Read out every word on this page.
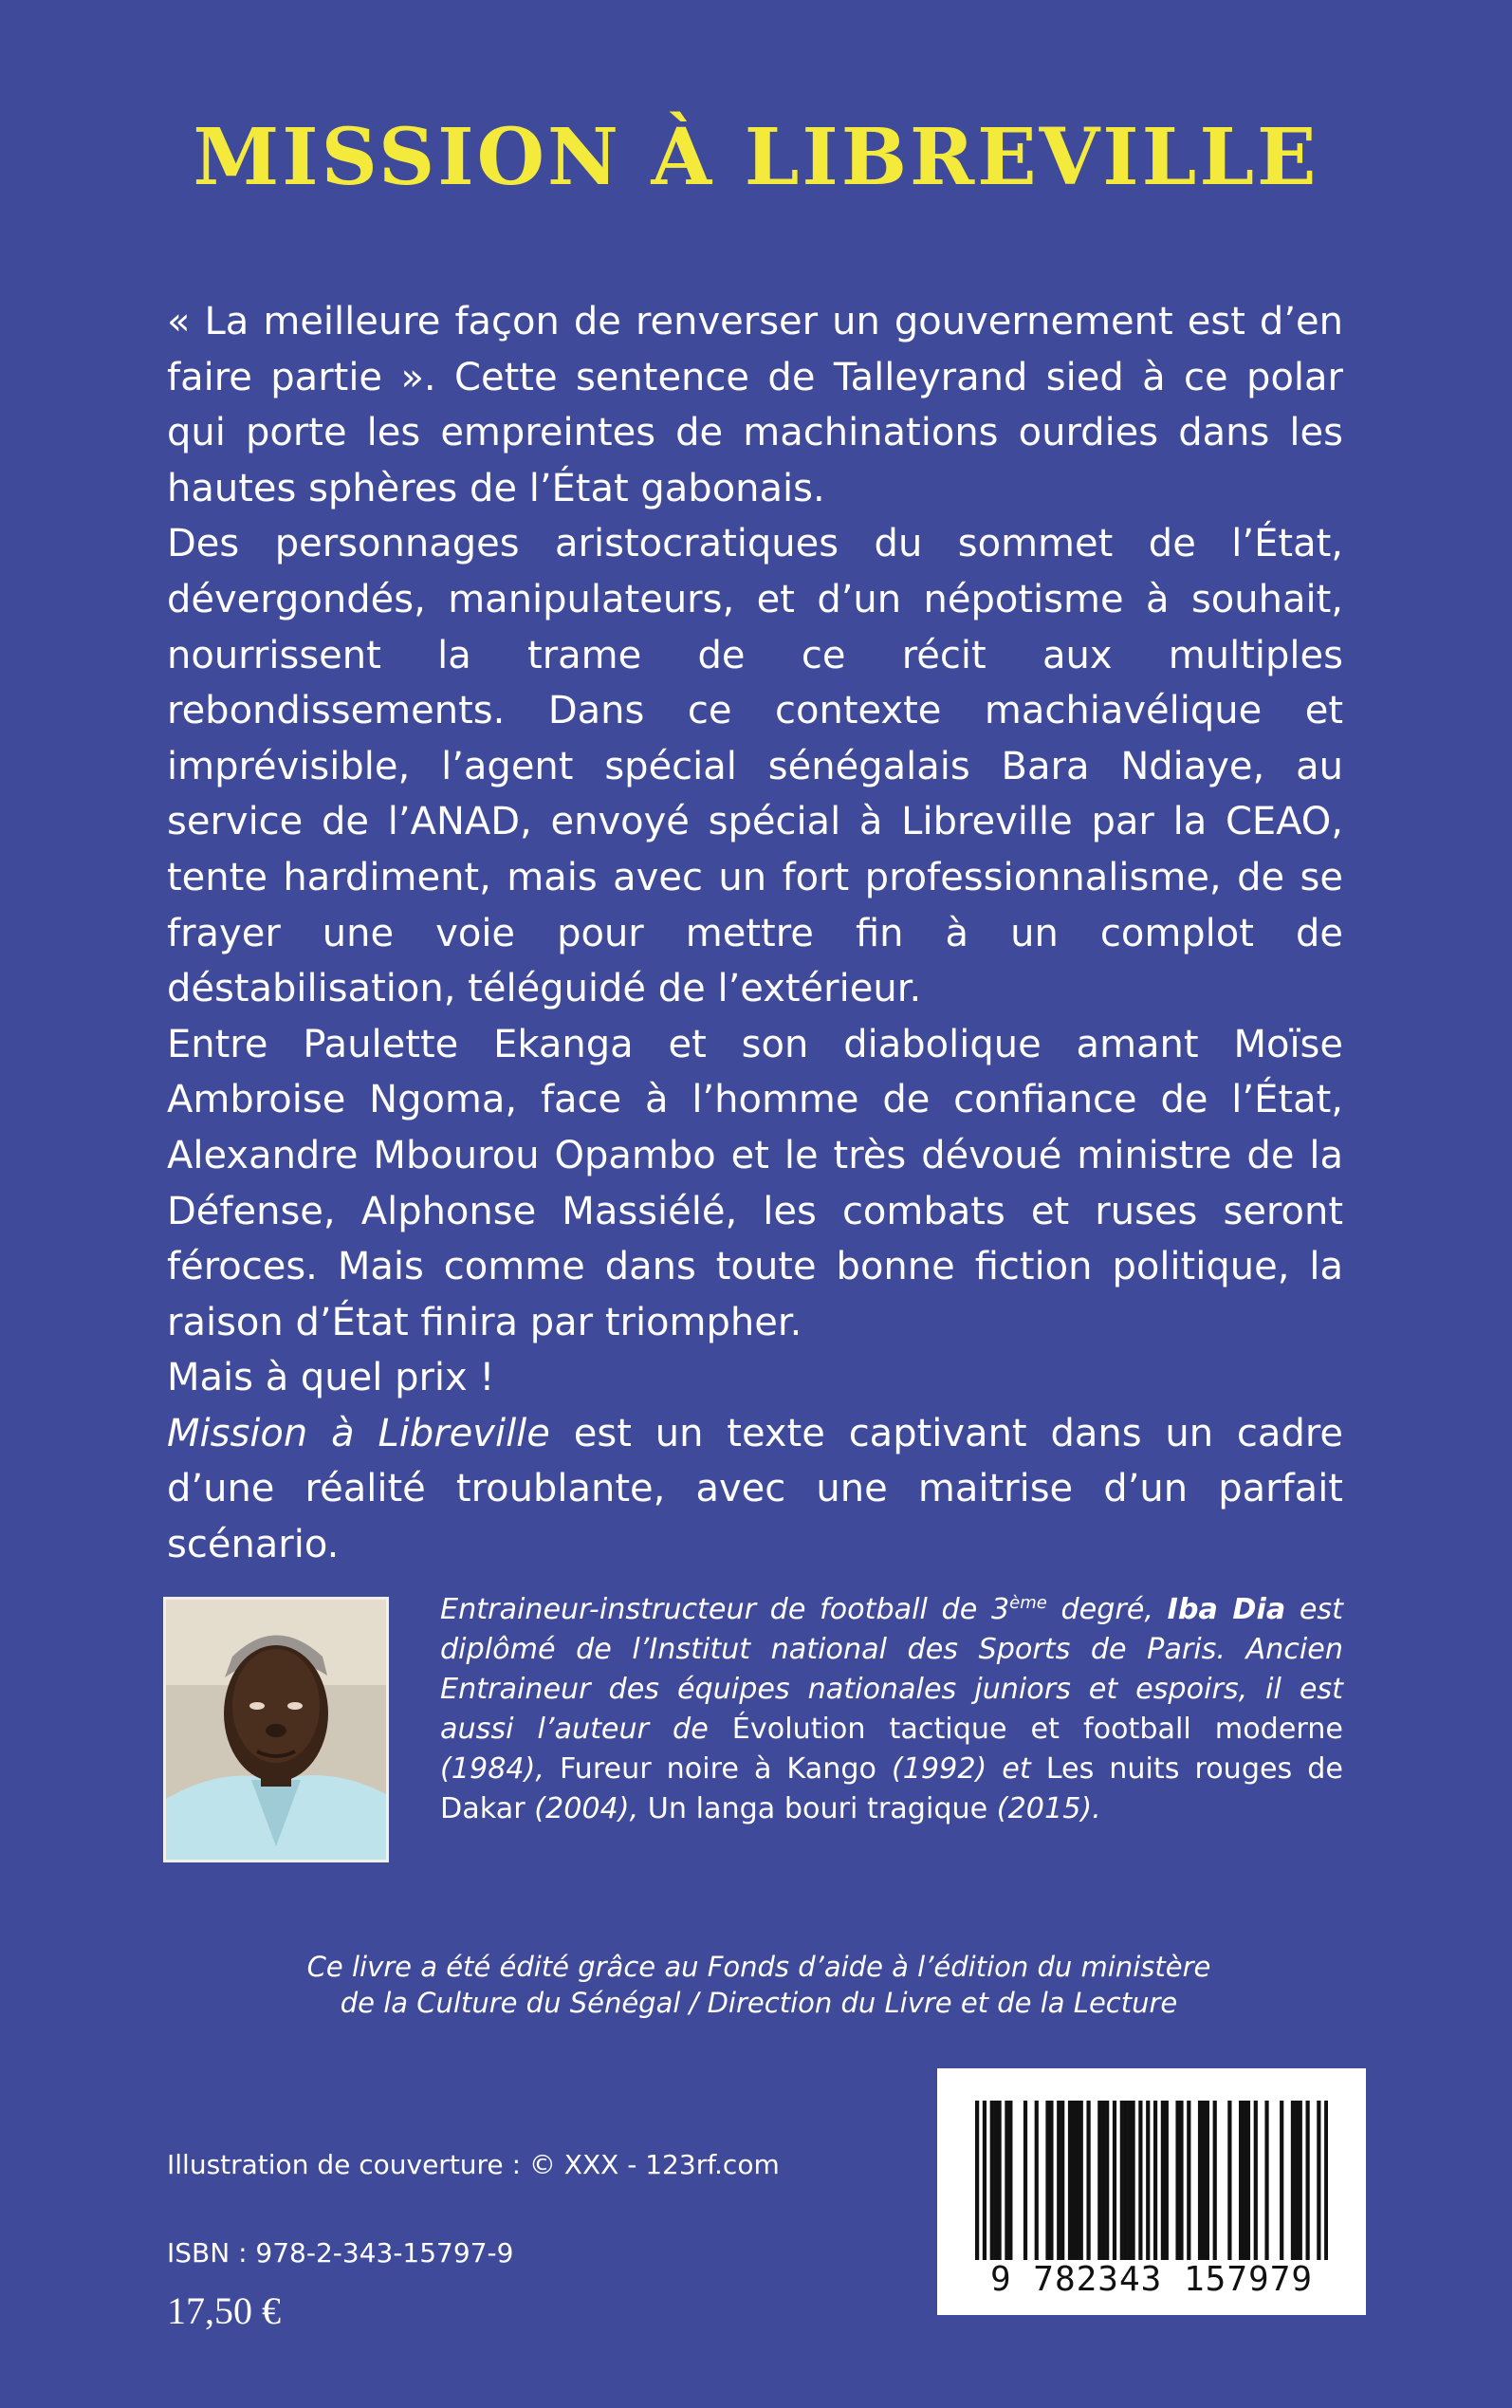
MISSION À LIBREVILLE

« La meilleure façon de renverser un gouvernement est d’en faire partie ». Cette sentence de Talleyrand sied à ce polar qui porte les empreintes de machinations ourdies dans les hautes sphères de l’État gabonais.

Des personnages aristocratiques du sommet de l’État, dévergondés, manipulateurs, et d’un népotisme à souhait, nourrissent la trame de ce récit aux multiples rebondissements. Dans ce contexte machiavélique et imprévisible, l’agent spécial sénégalais Bara Ndiaye, au service de l’ANAD, envoyé spécial à Libreville par la CEAO, tente hardiment, mais avec un fort professionnalisme, de se frayer une voie pour mettre fin à un complot de déstabilisation, téléguidé de l’extérieur.

Entre Paulette Ekanga et son diabolique amant Moïse Ambroise Ngoma, face à l’homme de confiance de l’État, Alexandre Mbourou Opambo et le très dévoué ministre de la Défense, Alphonse Massiélé, les combats et ruses seront féroces. Mais comme dans toute bonne fiction politique, la raison d’État finira par triompher.

Mais à quel prix !

Mission à Libreville est un texte captivant dans un cadre d’une réalité troublante, avec une maitrise d’un parfait scénario.

Entraineur-instructeur de football de 3ème degré, Iba Dia est diplômé de l’Institut national des Sports de Paris. Ancien Entraineur des équipes nationales juniors et espoirs, il est aussi l’auteur de Évolution tactique et football moderne (1984), Fureur noire à Kango (1992) et Les nuits rouges de Dakar (2004), Un langa bouri tragique (2015).
Ce livre a été édité grâce au Fonds d’aide à l’édition du ministère
de la Culture du Sénégal / Direction du Livre et de la Lecture
Illustration de couverture : © XXX - 123rf.com
ISBN : 978-2-343-15797-9
17,50 €
9 782343 157979
